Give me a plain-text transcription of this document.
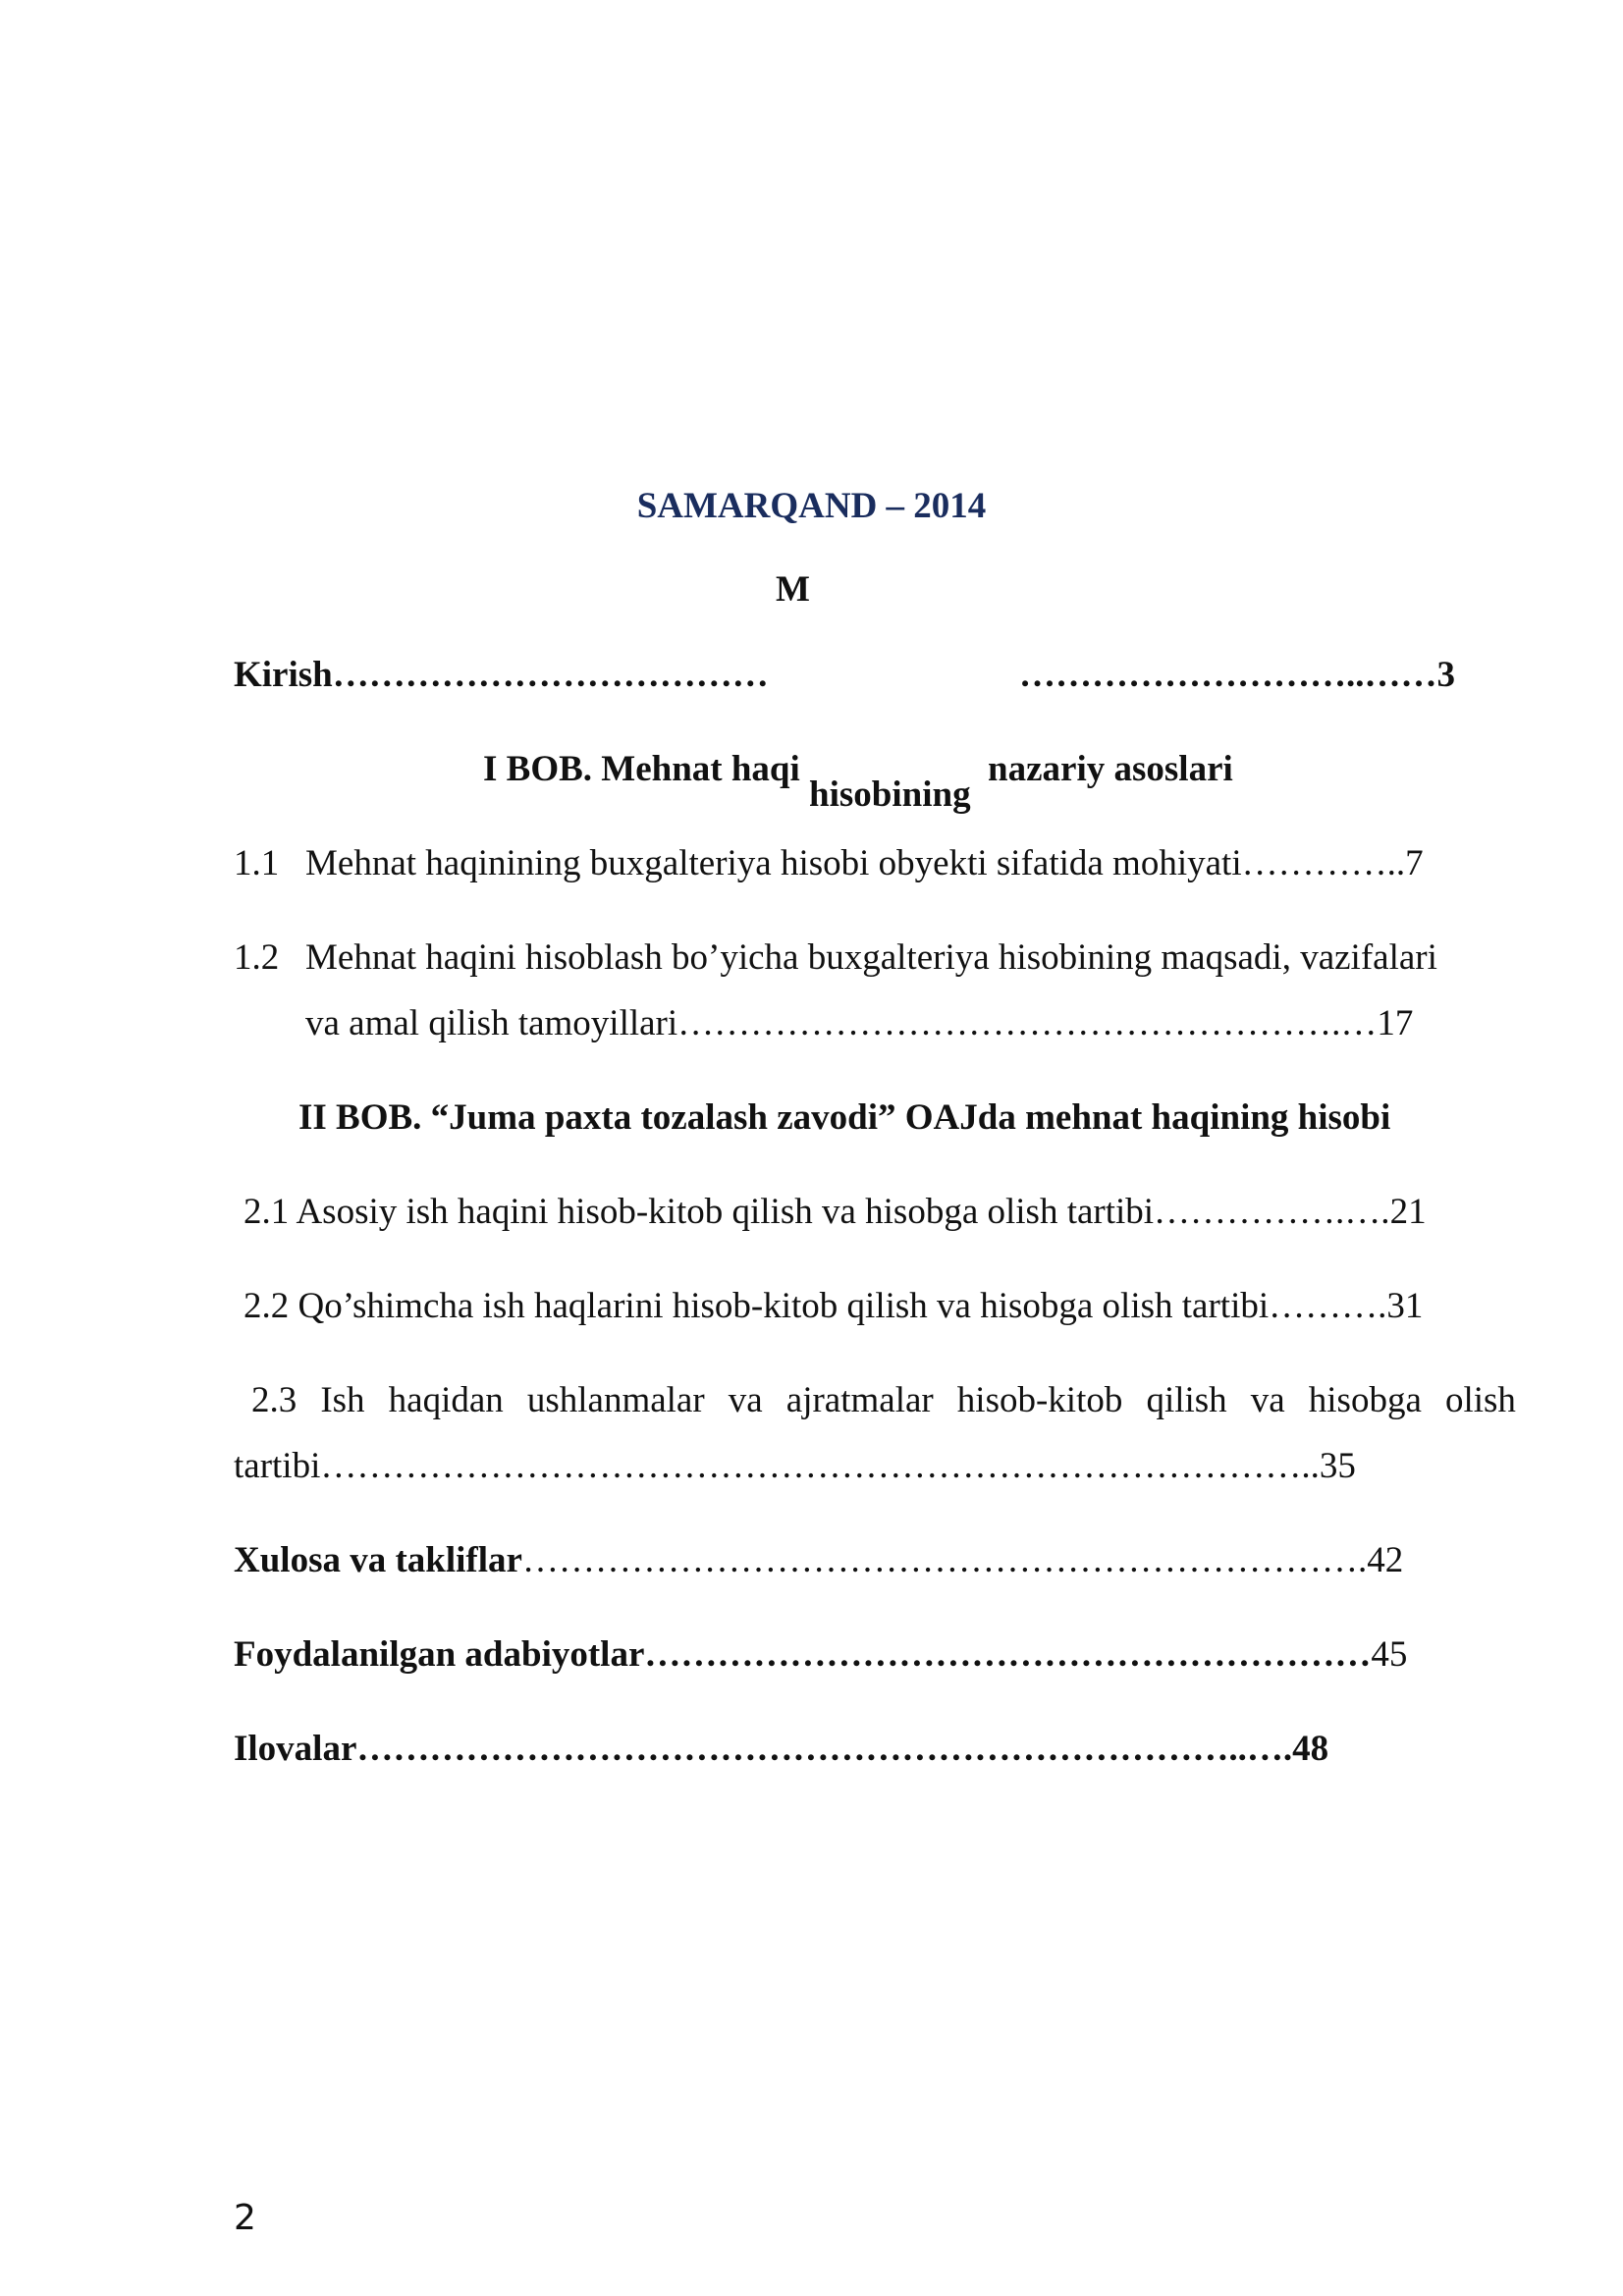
SAMARQAND – 2014

M

Kirish………………………………	………………………..……3

I BOB. Mehnat haqi hisobiningnazariy asoslari

1.1 Mehnat haqinining buxgalteriya hisobi obyekti sifatida mohiyati…………..7

1.2 Mehnat haqini hisoblash bo’yicha buxgalteriya hisobining maqsadi, vazifalari

va amal qilish tamoyillari……………………………………………….…17

II BOB. “Juma paxta tozalash zavodi” OAJda mehnat haqining hisobi

2.1 Asosiy ish haqini hisob-kitob qilish va hisobga olish tartibi…………….….21

2.2 Qo’shimcha ish haqlarini hisob-kitob qilish va hisobga olish tartibi……….31

2.3 Ish haqidan ushlanmalar va ajratmalar hisob-kitob qilish va hisobga olish

tartibi………………………………………………………………………..35

Xulosa va takliflar…………………………………………………………….42

Foydalanilgan adabiyotlar……………………………………………………45

Ilovalar………………………………………………………………..….48

2
